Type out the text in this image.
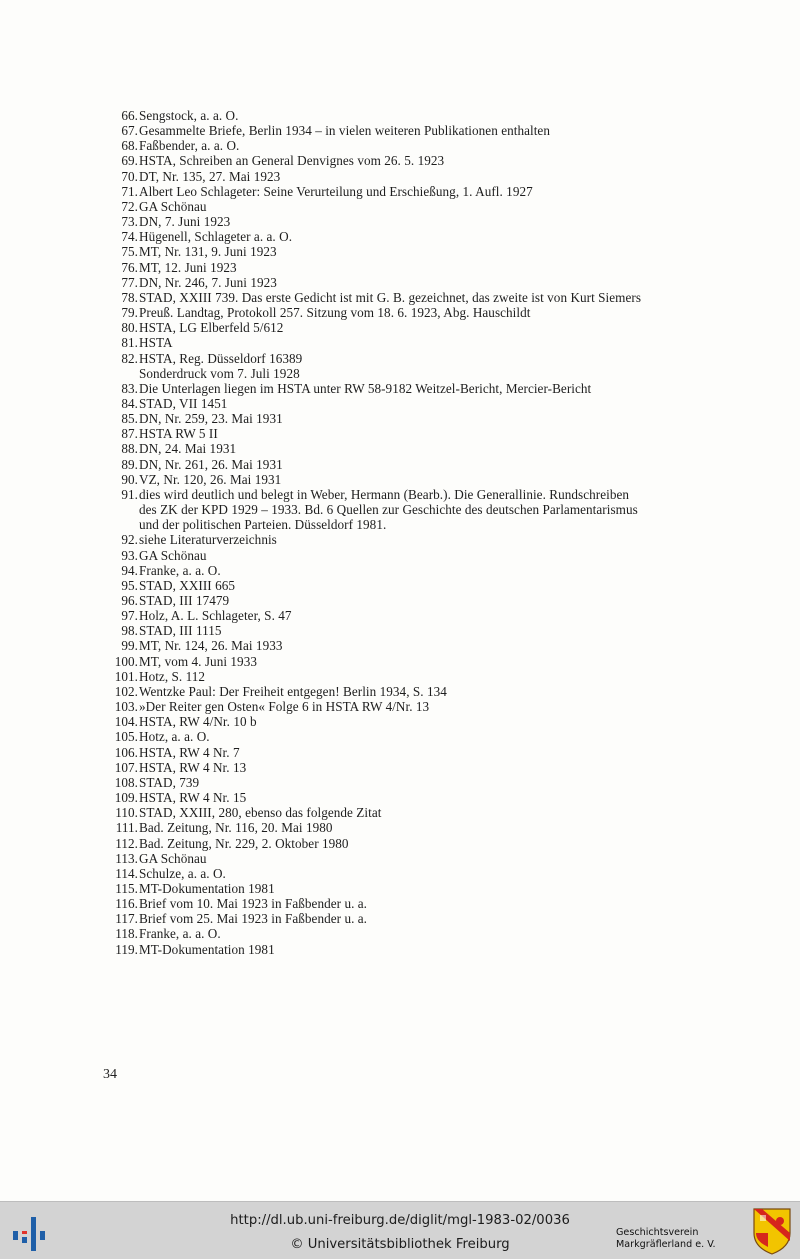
66. Sengstock, a. a. O.
67. Gesammelte Briefe, Berlin 1934 – in vielen weiteren Publikationen enthalten
68. Faßbender, a. a. O.
69. HSTA, Schreiben an General Denvignes vom 26. 5. 1923
70. DT, Nr. 135, 27. Mai 1923
71. Albert Leo Schlageter: Seine Verurteilung und Erschießung, 1. Aufl. 1927
72. GA Schönau
73. DN, 7. Juni 1923
74. Hügenell, Schlageter a. a. O.
75. MT, Nr. 131, 9. Juni 1923
76. MT, 12. Juni 1923
77. DN, Nr. 246, 7. Juni 1923
78. STAD, XXIII 739. Das erste Gedicht ist mit G. B. gezeichnet, das zweite ist von Kurt Siemers
79. Preuß. Landtag, Protokoll 257. Sitzung vom 18. 6. 1923, Abg. Hauschildt
80. HSTA, LG Elberfeld 5/612
81. HSTA
82. HSTA, Reg. Düsseldorf 16389
Sonderdruck vom 7. Juli 1928
83. Die Unterlagen liegen im HSTA unter RW 58-9182 Weitzel-Bericht, Mercier-Bericht
84. STAD, VII 1451
85. DN, Nr. 259, 23. Mai 1931
87. HSTA RW 5 II
88. DN, 24. Mai 1931
89. DN, Nr. 261, 26. Mai 1931
90. VZ, Nr. 120, 26. Mai 1931
91. dies wird deutlich und belegt in Weber, Hermann (Bearb.). Die Generallinie. Rundschreiben
des ZK der KPD 1929 – 1933. Bd. 6 Quellen zur Geschichte des deutschen Parlamentarismus
und der politischen Parteien. Düsseldorf 1981.
92. siehe Literaturverzeichnis
93. GA Schönau
94. Franke, a. a. O.
95. STAD, XXIII 665
96. STAD, III 17479
97. Holz, A. L. Schlageter, S. 47
98. STAD, III 1115
99. MT, Nr. 124, 26. Mai 1933
100. MT, vom 4. Juni 1933
101. Hotz, S. 112
102. Wentzke Paul: Der Freiheit entgegen! Berlin 1934, S. 134
103. »Der Reiter gen Osten« Folge 6 in HSTA RW 4/Nr. 13
104. HSTA, RW 4/Nr. 10 b
105. Hotz, a. a. O.
106. HSTA, RW 4 Nr. 7
107. HSTA, RW 4 Nr. 13
108. STAD, 739
109. HSTA, RW 4 Nr. 15
110. STAD, XXIII, 280, ebenso das folgende Zitat
111. Bad. Zeitung, Nr. 116, 20. Mai 1980
112. Bad. Zeitung, Nr. 229, 2. Oktober 1980
113. GA Schönau
114. Schulze, a. a. O.
115. MT-Dokumentation 1981
116. Brief vom 10. Mai 1923 in Faßbender u. a.
117. Brief vom 25. Mai 1923 in Faßbender u. a.
118. Franke, a. a. O.
119. MT-Dokumentation 1981
34
http://dl.ub.uni-freiburg.de/diglit/mgl-1983-02/0036
© Universitätsbibliothek Freiburg
Geschichtsverein
Markgräflerland e. V.
